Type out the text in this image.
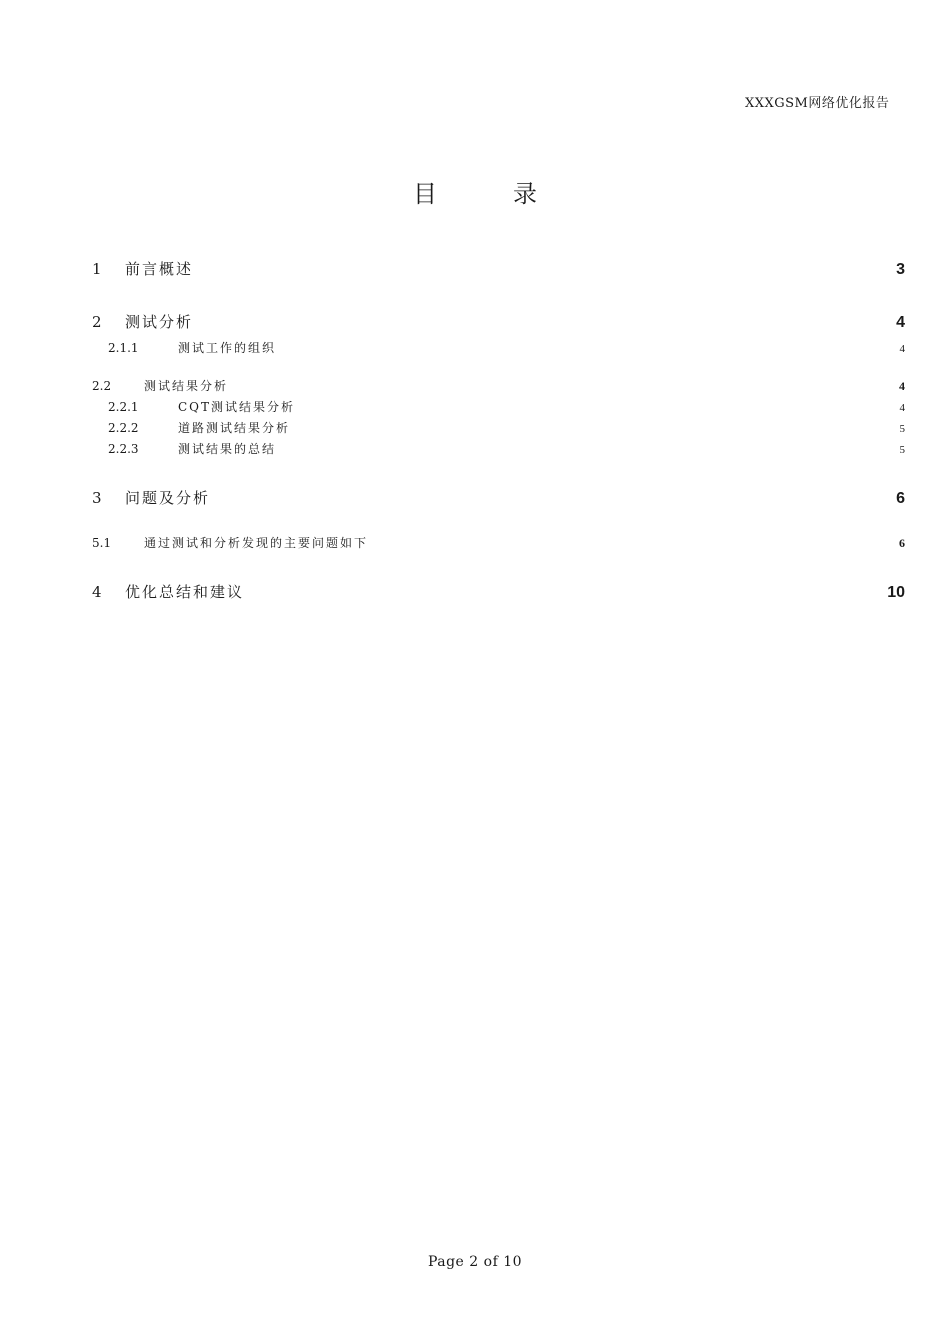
XXXGSM网络优化报告
目	录
1	前言概述	3
2	测试分析	4
2.1.1	测试工作的组织	4
2.2	测试结果分析	4
2.2.1	CQT测试结果分析	4
2.2.2	道路测试结果分析	5
2.2.3	测试结果的总结	5
3	问题及分析	6
5.1	通过测试和分析发现的主要问题如下	6
4	优化总结和建议	10
Page 2 of 10
